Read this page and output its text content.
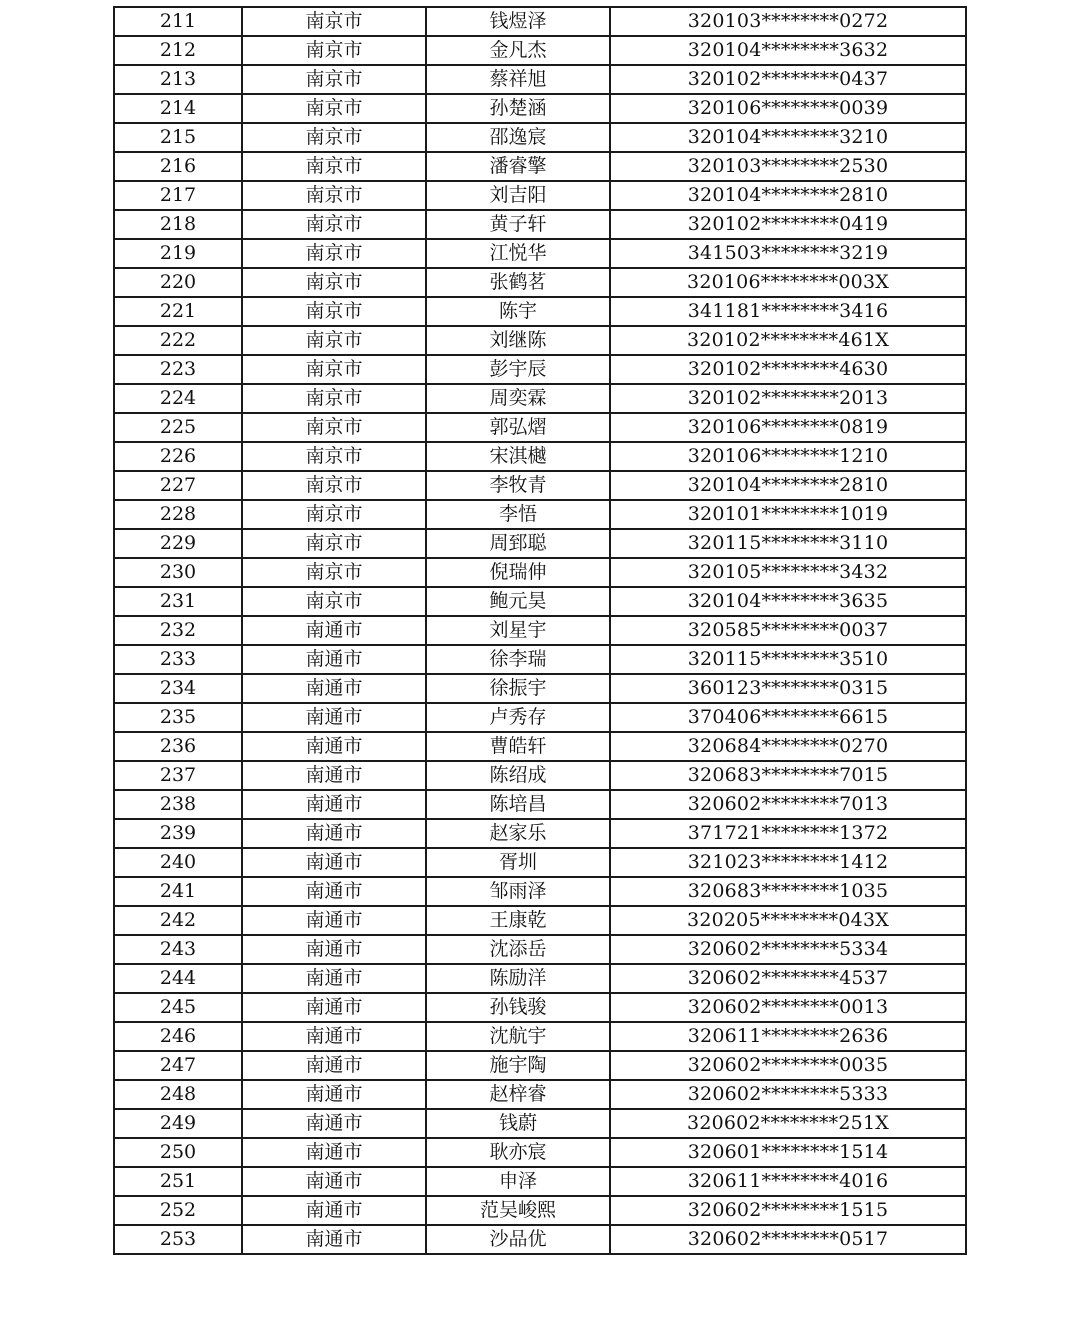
211	南京市	钱煜泽	320103********0272
212	南京市	金凡杰	320104********3632
213	南京市	蔡祥旭	320102********0437
214	南京市	孙楚涵	320106********0039
215	南京市	邵逸宸	320104********3210
216	南京市	潘睿擎	320103********2530
217	南京市	刘吉阳	320104********2810
218	南京市	黄子轩	320102********0419
219	南京市	江悦华	341503********3219
220	南京市	张鹤茗	320106********003X
221	南京市	陈宇	341181********3416
222	南京市	刘继陈	320102********461X
223	南京市	彭宇辰	320102********4630
224	南京市	周奕霖	320102********2013
225	南京市	郭弘熠	320106********0819
226	南京市	宋淇樾	320106********1210
227	南京市	李牧青	320104********2810
228	南京市	李悟	320101********1019
229	南京市	周郅聪	320115********3110
230	南京市	倪瑞伸	320105********3432
231	南京市	鲍元昊	320104********3635
232	南通市	刘星宇	320585********0037
233	南通市	徐李瑞	320115********3510
234	南通市	徐振宇	360123********0315
235	南通市	卢秀存	370406********6615
236	南通市	曹皓轩	320684********0270
237	南通市	陈绍成	320683********7015
238	南通市	陈培昌	320602********7013
239	南通市	赵家乐	371721********1372
240	南通市	胥圳	321023********1412
241	南通市	邹雨泽	320683********1035
242	南通市	王康乾	320205********043X
243	南通市	沈添岳	320602********5334
244	南通市	陈励洋	320602********4537
245	南通市	孙钱骏	320602********0013
246	南通市	沈航宇	320611********2636
247	南通市	施宇陶	320602********0035
248	南通市	赵梓睿	320602********5333
249	南通市	钱蔚	320602********251X
250	南通市	耿亦宸	320601********1514
251	南通市	申泽	320611********4016
252	南通市	范吴峻熙	320602********1515
253	南通市	沙品优	320602********0517
